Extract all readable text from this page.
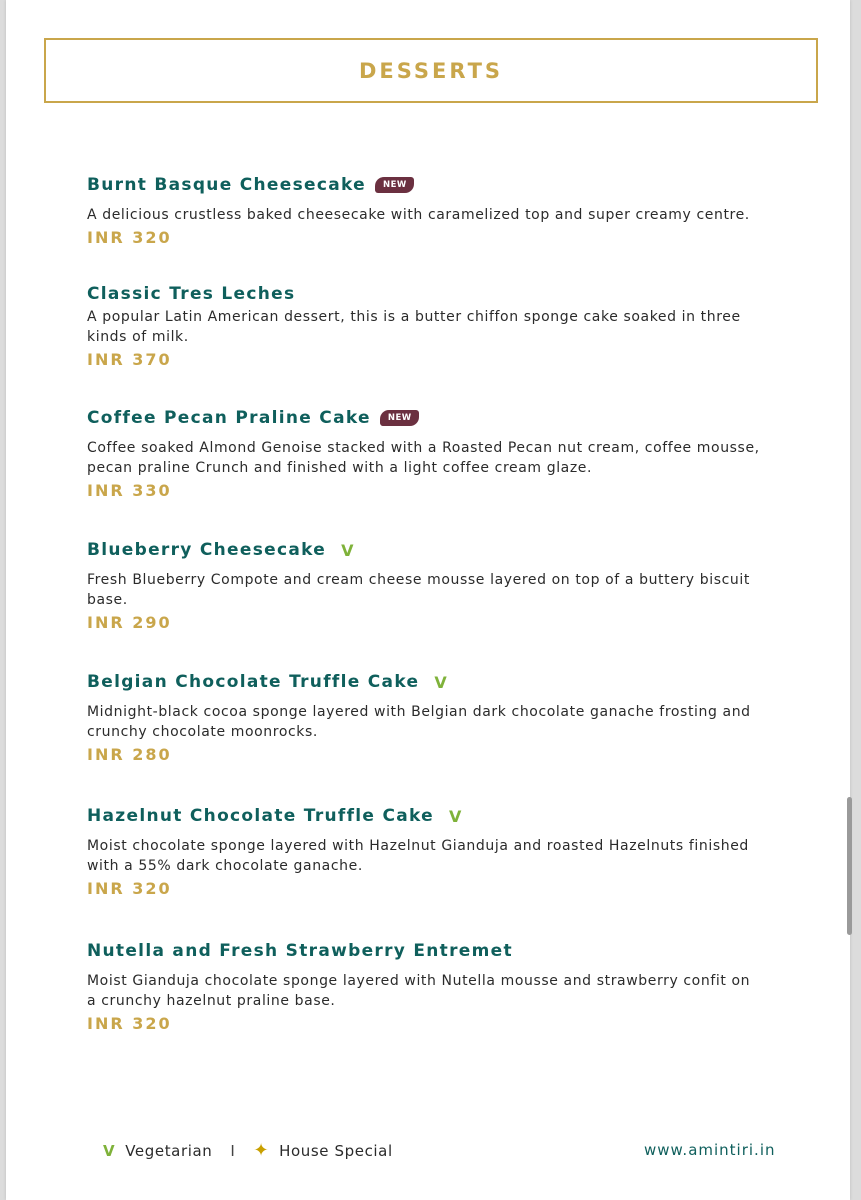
DESSERTS
Burnt Basque Cheesecake	NEW
A delicious crustless baked cheesecake with caramelized top and super creamy centre.
INR 320
Classic Tres Leches
A popular Latin American dessert, this is a butter chiffon sponge cake soaked in three
kinds of milk.
INR 370
Coffee Pecan Praline Cake	NEW
Coffee soaked Almond Genoise stacked with a Roasted Pecan nut cream, coffee mousse,
pecan praline Crunch and finished with a light coffee cream glaze.
INR 330
Blueberry Cheesecake V
Fresh Blueberry Compote and cream cheese mousse layered on top of a buttery biscuit
base.
INR 290
Belgian Chocolate Truffle Cake V
Midnight-black cocoa sponge layered with Belgian dark chocolate ganache frosting and
crunchy chocolate moonrocks.
INR 280
Hazelnut Chocolate Truffle Cake V
Moist chocolate sponge layered with Hazelnut Gianduja and roasted Hazelnuts finished
with a 55% dark chocolate ganache.
INR 320
Nutella and Fresh Strawberry Entremet
Moist Gianduja chocolate sponge layered with Nutella mousse and strawberry confit on
a crunchy hazelnut praline base.
INR 320
V Vegetarian I ✦ House Special	www.amintiri.in
